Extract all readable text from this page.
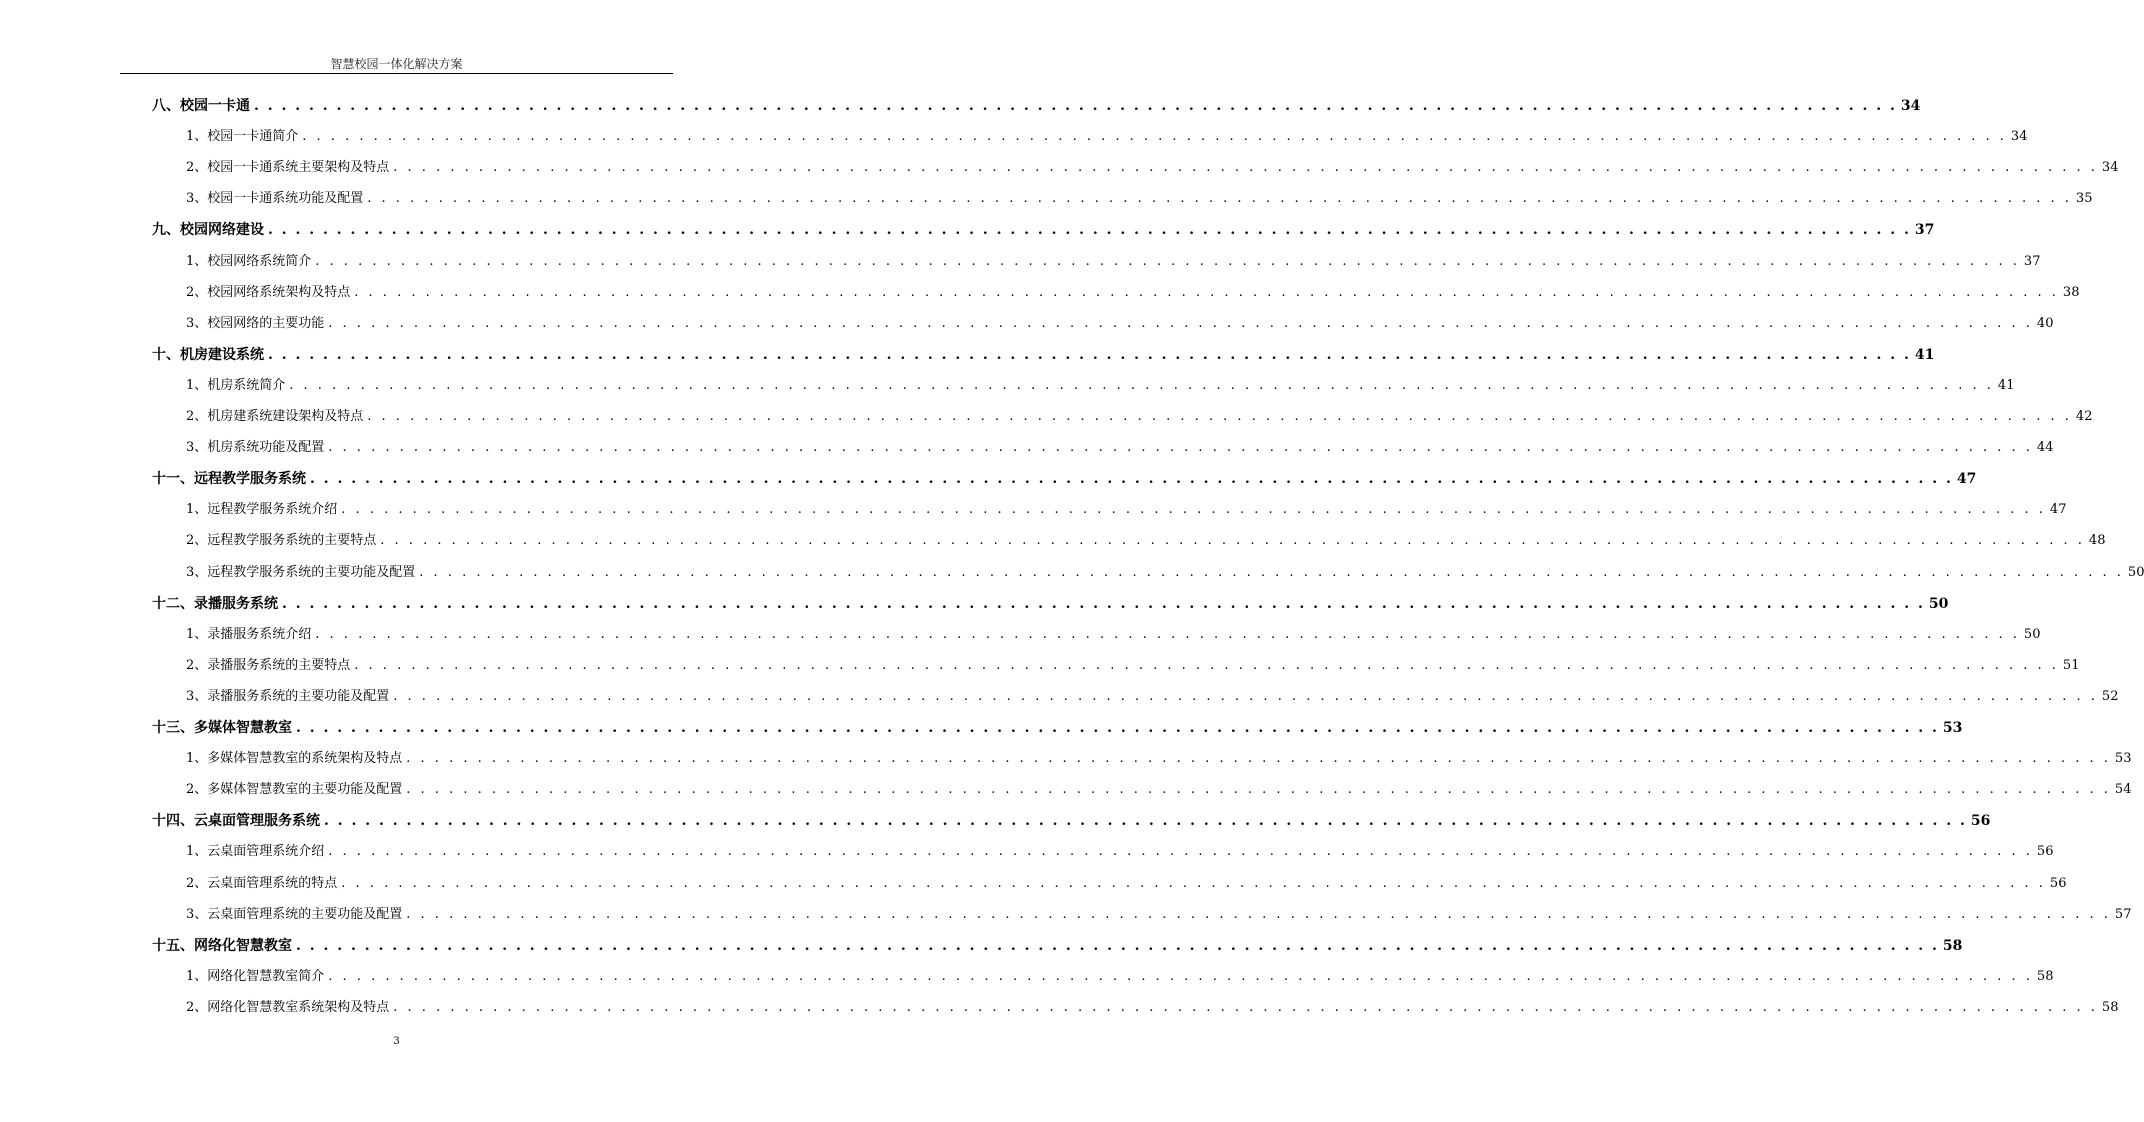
智慧校园一体化解决方案
八、校园一卡通 . . . . . . . . . . . . . . . . . . . . . . . . . . . . . . . . . . . . . . . . . . . . . . . . . . . . . . . . . . . . . . . . . . . . . . . . . . . . . . . . . . . . . . . . . . . . . . . . . . . . . . . . . . . . . . . . . . . . . . . . 34
1、校园一卡通简介 . . . . . . . . . . . . . . . . . . . . . . . . . . . . . . . . . . . . . . . . . . . . . . . . . . . . . . . . . . . . . . . . . . . . . . . . . . . . . . . . . . . . . . . . . . . . . . . . . . . . . . . . . . . . . . . . . . . . . . . . 34
2、校园一卡通系统主要架构及特点 . . . . . . . . . . . . . . . . . . . . . . . . . . . . . . . . . . . . . . . . . . . . . . . . . . . . . . . . . . . . . . . . . . . . . . . . . . . . . . . . . . . . . . . . . . . . . . . . . . . . . . . . . . . . . . . . . . . . . . . . 34
3、校园一卡通系统功能及配置 . . . . . . . . . . . . . . . . . . . . . . . . . . . . . . . . . . . . . . . . . . . . . . . . . . . . . . . . . . . . . . . . . . . . . . . . . . . . . . . . . . . . . . . . . . . . . . . . . . . . . . . . . . . . . . . . . . . . . . . . 35
九、校园网络建设 . . . . . . . . . . . . . . . . . . . . . . . . . . . . . . . . . . . . . . . . . . . . . . . . . . . . . . . . . . . . . . . . . . . . . . . . . . . . . . . . . . . . . . . . . . . . . . . . . . . . . . . . . . . . . . . . . . . . . . . . 37
1、校园网络系统简介 . . . . . . . . . . . . . . . . . . . . . . . . . . . . . . . . . . . . . . . . . . . . . . . . . . . . . . . . . . . . . . . . . . . . . . . . . . . . . . . . . . . . . . . . . . . . . . . . . . . . . . . . . . . . . . . . . . . . . . . . 37
2、校园网络系统架构及特点 . . . . . . . . . . . . . . . . . . . . . . . . . . . . . . . . . . . . . . . . . . . . . . . . . . . . . . . . . . . . . . . . . . . . . . . . . . . . . . . . . . . . . . . . . . . . . . . . . . . . . . . . . . . . . . . . . . . . . . . . 38
3、校园网络的主要功能 . . . . . . . . . . . . . . . . . . . . . . . . . . . . . . . . . . . . . . . . . . . . . . . . . . . . . . . . . . . . . . . . . . . . . . . . . . . . . . . . . . . . . . . . . . . . . . . . . . . . . . . . . . . . . . . . . . . . . . . . 40
十、机房建设系统 . . . . . . . . . . . . . . . . . . . . . . . . . . . . . . . . . . . . . . . . . . . . . . . . . . . . . . . . . . . . . . . . . . . . . . . . . . . . . . . . . . . . . . . . . . . . . . . . . . . . . . . . . . . . . . . . . . . . . . . . 41
1、机房系统简介 . . . . . . . . . . . . . . . . . . . . . . . . . . . . . . . . . . . . . . . . . . . . . . . . . . . . . . . . . . . . . . . . . . . . . . . . . . . . . . . . . . . . . . . . . . . . . . . . . . . . . . . . . . . . . . . . . . . . . . . . 41
2、机房建系统建设架构及特点 . . . . . . . . . . . . . . . . . . . . . . . . . . . . . . . . . . . . . . . . . . . . . . . . . . . . . . . . . . . . . . . . . . . . . . . . . . . . . . . . . . . . . . . . . . . . . . . . . . . . . . . . . . . . . . . . . . . . . . . . 42
3、机房系统功能及配置 . . . . . . . . . . . . . . . . . . . . . . . . . . . . . . . . . . . . . . . . . . . . . . . . . . . . . . . . . . . . . . . . . . . . . . . . . . . . . . . . . . . . . . . . . . . . . . . . . . . . . . . . . . . . . . . . . . . . . . . . 44
十一、远程教学服务系统 . . . . . . . . . . . . . . . . . . . . . . . . . . . . . . . . . . . . . . . . . . . . . . . . . . . . . . . . . . . . . . . . . . . . . . . . . . . . . . . . . . . . . . . . . . . . . . . . . . . . . . . . . . . . . . . . . . . . . . . . 47
1、远程教学服务系统介绍 . . . . . . . . . . . . . . . . . . . . . . . . . . . . . . . . . . . . . . . . . . . . . . . . . . . . . . . . . . . . . . . . . . . . . . . . . . . . . . . . . . . . . . . . . . . . . . . . . . . . . . . . . . . . . . . . . . . . . . . . 47
2、远程教学服务系统的主要特点 . . . . . . . . . . . . . . . . . . . . . . . . . . . . . . . . . . . . . . . . . . . . . . . . . . . . . . . . . . . . . . . . . . . . . . . . . . . . . . . . . . . . . . . . . . . . . . . . . . . . . . . . . . . . . . . . . . . . . . . . 48
3、远程教学服务系统的主要功能及配置 . . . . . . . . . . . . . . . . . . . . . . . . . . . . . . . . . . . . . . . . . . . . . . . . . . . . . . . . . . . . . . . . . . . . . . . . . . . . . . . . . . . . . . . . . . . . . . . . . . . . . . . . . . . . . . . . . . . . . . . . 50
十二、录播服务系统 . . . . . . . . . . . . . . . . . . . . . . . . . . . . . . . . . . . . . . . . . . . . . . . . . . . . . . . . . . . . . . . . . . . . . . . . . . . . . . . . . . . . . . . . . . . . . . . . . . . . . . . . . . . . . . . . . . . . . . . . 50
1、录播服务系统介绍 . . . . . . . . . . . . . . . . . . . . . . . . . . . . . . . . . . . . . . . . . . . . . . . . . . . . . . . . . . . . . . . . . . . . . . . . . . . . . . . . . . . . . . . . . . . . . . . . . . . . . . . . . . . . . . . . . . . . . . . . 50
2、录播服务系统的主要特点 . . . . . . . . . . . . . . . . . . . . . . . . . . . . . . . . . . . . . . . . . . . . . . . . . . . . . . . . . . . . . . . . . . . . . . . . . . . . . . . . . . . . . . . . . . . . . . . . . . . . . . . . . . . . . . . . . . . . . . . . 51
3、录播服务系统的主要功能及配置 . . . . . . . . . . . . . . . . . . . . . . . . . . . . . . . . . . . . . . . . . . . . . . . . . . . . . . . . . . . . . . . . . . . . . . . . . . . . . . . . . . . . . . . . . . . . . . . . . . . . . . . . . . . . . . . . . . . . . . . . 52
十三、多媒体智慧教室 . . . . . . . . . . . . . . . . . . . . . . . . . . . . . . . . . . . . . . . . . . . . . . . . . . . . . . . . . . . . . . . . . . . . . . . . . . . . . . . . . . . . . . . . . . . . . . . . . . . . . . . . . . . . . . . . . . . . . . . . 53
1、多媒体智慧教室的系统架构及特点 . . . . . . . . . . . . . . . . . . . . . . . . . . . . . . . . . . . . . . . . . . . . . . . . . . . . . . . . . . . . . . . . . . . . . . . . . . . . . . . . . . . . . . . . . . . . . . . . . . . . . . . . . . . . . . . . . . . . . . . . 53
2、多媒体智慧教室的主要功能及配置 . . . . . . . . . . . . . . . . . . . . . . . . . . . . . . . . . . . . . . . . . . . . . . . . . . . . . . . . . . . . . . . . . . . . . . . . . . . . . . . . . . . . . . . . . . . . . . . . . . . . . . . . . . . . . . . . . . . . . . . . 54
十四、云桌面管理服务系统 . . . . . . . . . . . . . . . . . . . . . . . . . . . . . . . . . . . . . . . . . . . . . . . . . . . . . . . . . . . . . . . . . . . . . . . . . . . . . . . . . . . . . . . . . . . . . . . . . . . . . . . . . . . . . . . . . . . . . . . . 56
1、云桌面管理系统介绍 . . . . . . . . . . . . . . . . . . . . . . . . . . . . . . . . . . . . . . . . . . . . . . . . . . . . . . . . . . . . . . . . . . . . . . . . . . . . . . . . . . . . . . . . . . . . . . . . . . . . . . . . . . . . . . . . . . . . . . . . 56
2、云桌面管理系统的特点 . . . . . . . . . . . . . . . . . . . . . . . . . . . . . . . . . . . . . . . . . . . . . . . . . . . . . . . . . . . . . . . . . . . . . . . . . . . . . . . . . . . . . . . . . . . . . . . . . . . . . . . . . . . . . . . . . . . . . . . . 56
3、云桌面管理系统的主要功能及配置 . . . . . . . . . . . . . . . . . . . . . . . . . . . . . . . . . . . . . . . . . . . . . . . . . . . . . . . . . . . . . . . . . . . . . . . . . . . . . . . . . . . . . . . . . . . . . . . . . . . . . . . . . . . . . . . . . . . . . . . . 57
十五、网络化智慧教室 . . . . . . . . . . . . . . . . . . . . . . . . . . . . . . . . . . . . . . . . . . . . . . . . . . . . . . . . . . . . . . . . . . . . . . . . . . . . . . . . . . . . . . . . . . . . . . . . . . . . . . . . . . . . . . . . . . . . . . . . 58
1、网络化智慧教室简介 . . . . . . . . . . . . . . . . . . . . . . . . . . . . . . . . . . . . . . . . . . . . . . . . . . . . . . . . . . . . . . . . . . . . . . . . . . . . . . . . . . . . . . . . . . . . . . . . . . . . . . . . . . . . . . . . . . . . . . . . 58
2、网络化智慧教室系统架构及特点 . . . . . . . . . . . . . . . . . . . . . . . . . . . . . . . . . . . . . . . . . . . . . . . . . . . . . . . . . . . . . . . . . . . . . . . . . . . . . . . . . . . . . . . . . . . . . . . . . . . . . . . . . . . . . . . . . . . . . . . . 58
3
